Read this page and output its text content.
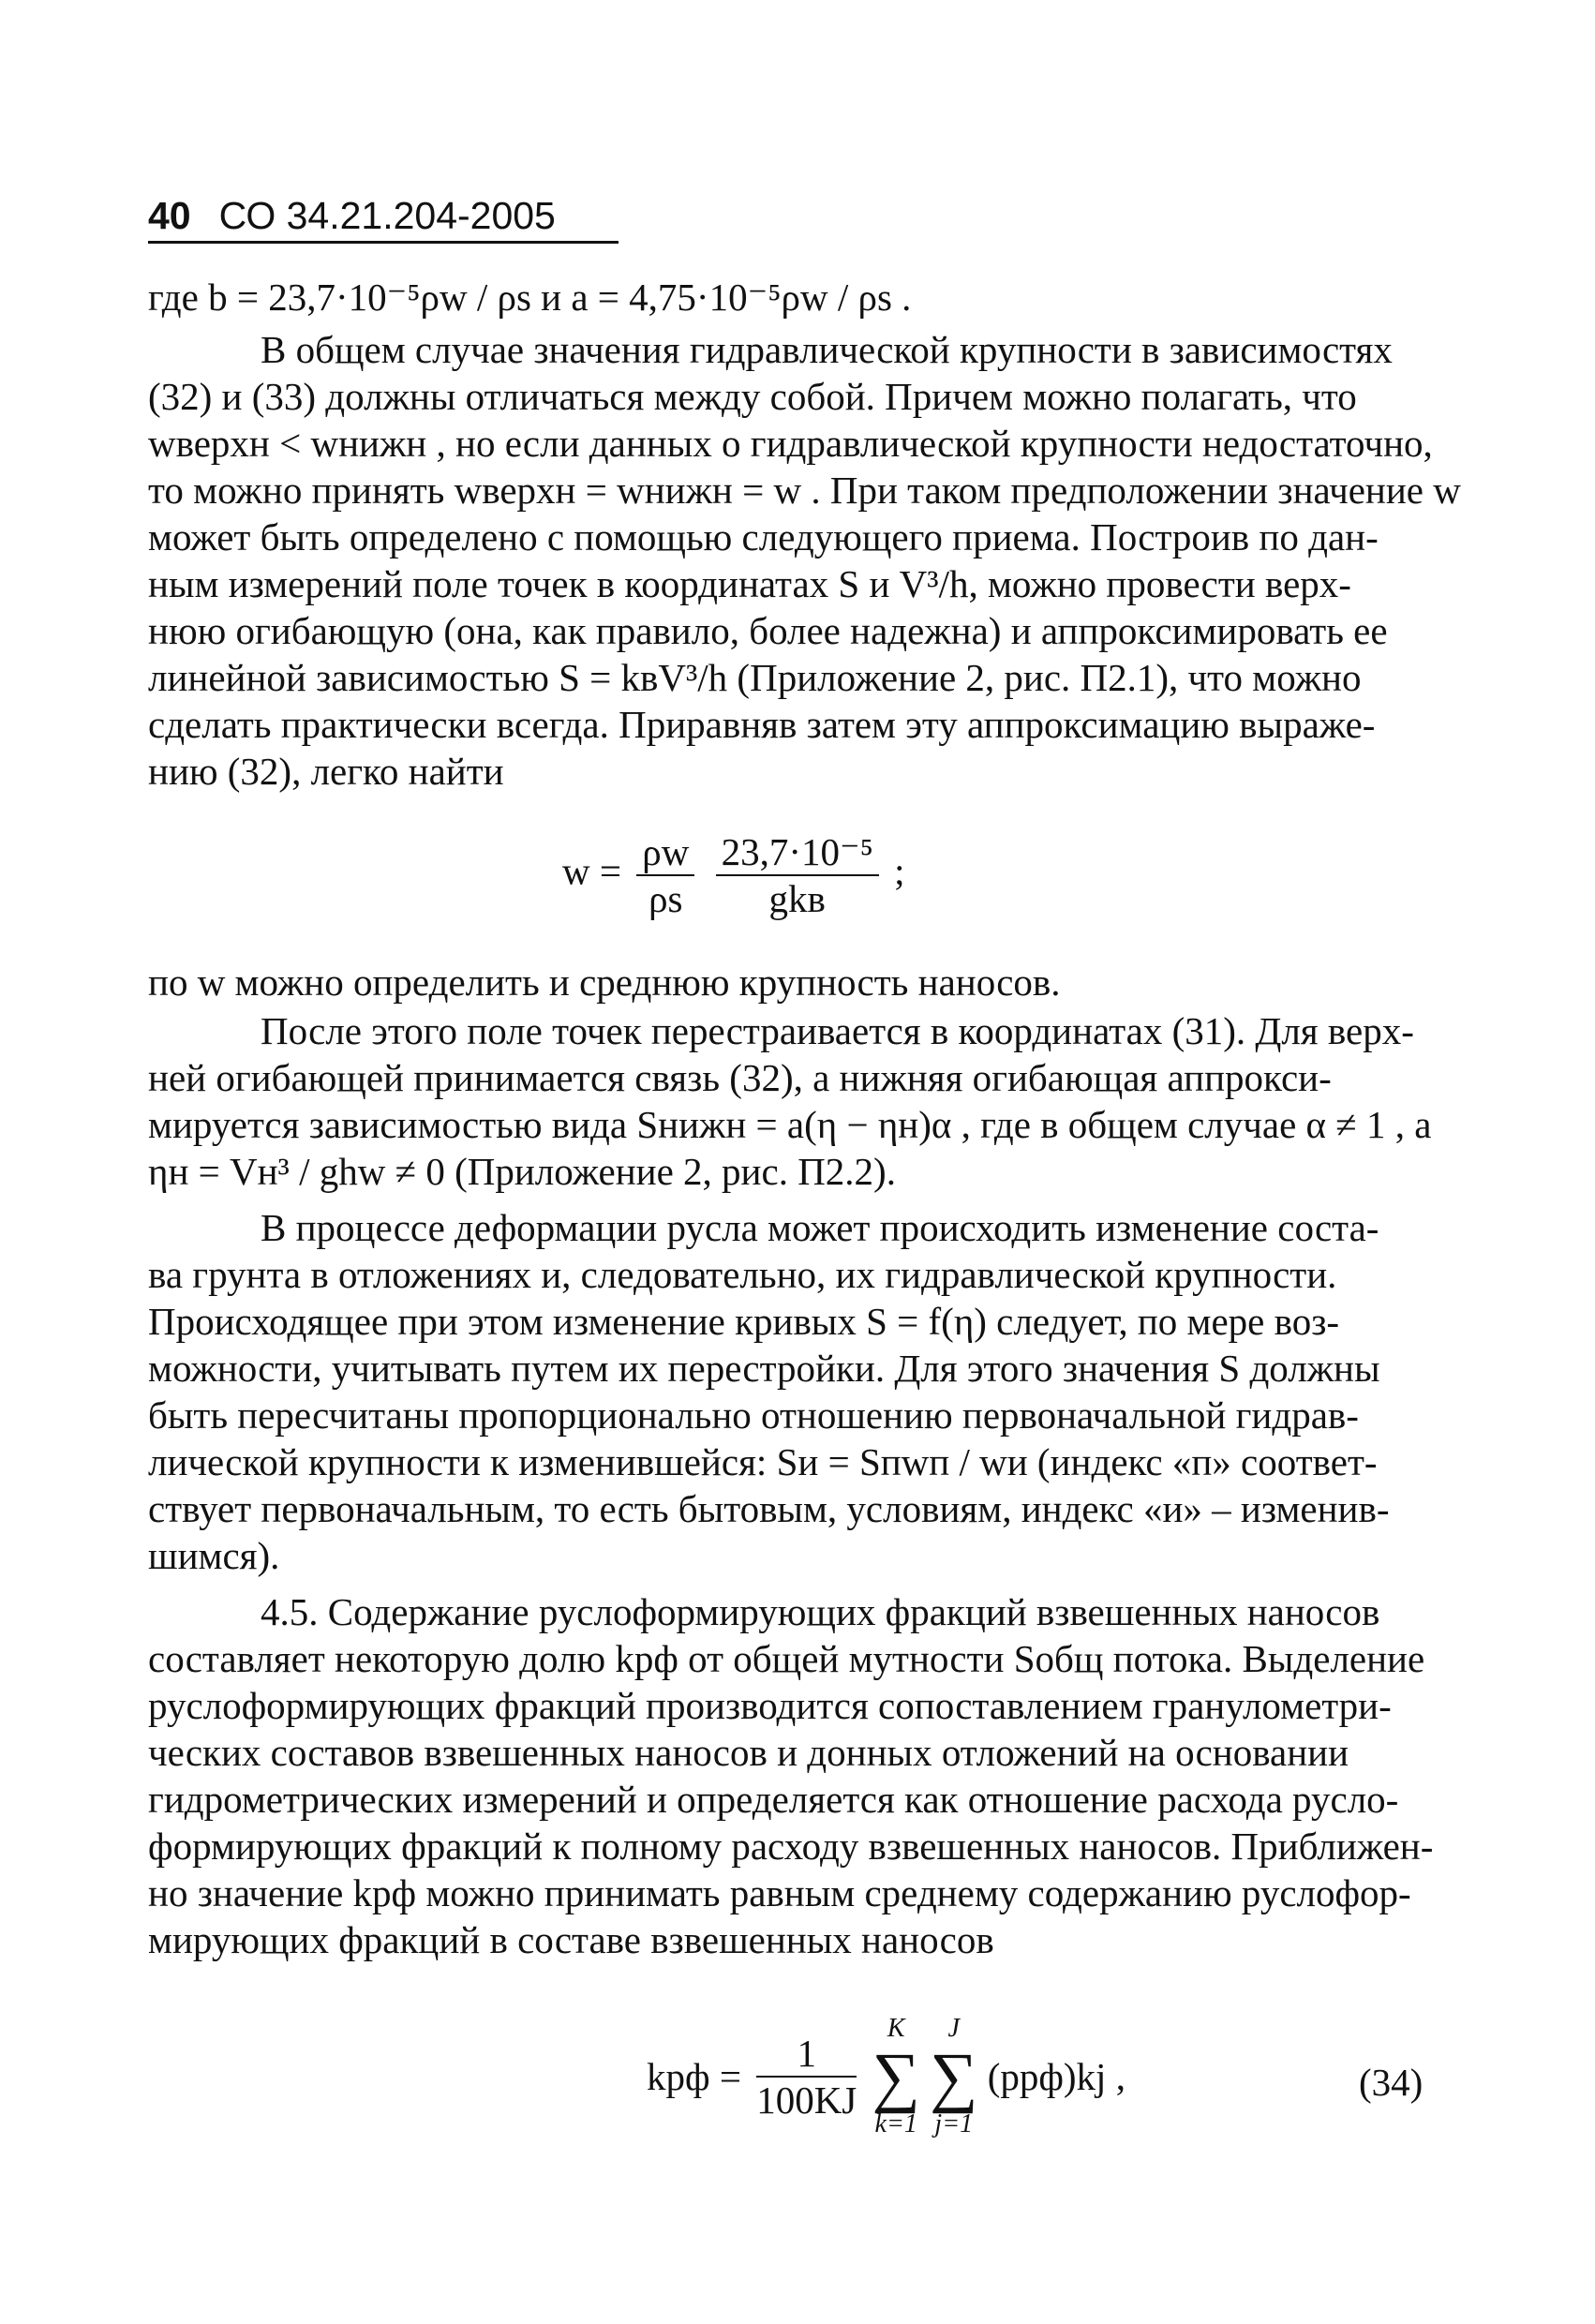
40 СО 34.21.204-2005
где b = 23,7·10⁻⁵ρw / ρs и a = 4,75·10⁻⁵ρw / ρs .
В общем случае значения гидравлической крупности в зависимостях
(32) и (33) должны отличаться между собой. Причем можно полагать, что
wверхн < wнижн , но если данных о гидравлической крупности недостаточно,
то можно принять wверхн = wнижн = w . При таком предположении значение w
может быть определено с помощью следующего приема. Построив по дан-
ным измерений поле точек в координатах S и V³/h, можно провести верх-
нюю огибающую (она, как правило, более надежна) и аппроксимировать ее
линейной зависимостью S = kвV³/h (Приложение 2, рис. П2.1), что можно
сделать практически всегда. Приравняв затем эту аппроксимацию выраже-
нию (32), легко найти
$w = \frac{\rho w}{\rho s}$
$\frac{\text{23,7·10⁻⁵}}{\text{gkв}}$ ;
по w можно определить и среднюю крупность наносов.
После этого поле точек перестраивается в координатах (31). Для верх-
ней огибающей принимается связь (32), а нижняя огибающая аппрокси-
мируется зависимостью вида Sнижн = a(η − ηн)α , где в общем случае α ≠ 1 , а
ηн = Vн³ / ghw ≠ 0 (Приложение 2, рис. П2.2).
В процессе деформации русла может происходить изменение соста-
ва грунта в отложениях и, следовательно, их гидравлической крупности.
Происходящее при этом изменение кривых S = f(η) следует, по мере воз-
можности, учитывать путем их перестройки. Для этого значения S должны
быть пересчитаны пропорционально отношению первоначальной гидрав-
лической крупности к изменившейся: Sи = Sпwп / wи (индекс «п» соответ-
ствует первоначальным, то есть бытовым, условиям, индекс «и» – изменив-
шимся).
4.5. Содержание руслоформирующих фракций взвешенных наносов
составляет некоторую долю kрф от общей мутности Sобщ потока. Выделение
руслоформирующих фракций производится сопоставлением гранулометри-
ческих составов взвешенных наносов и донных отложений на основании
гидрометрических измерений и определяется как отношение расхода русло-
формирующих фракций к полному расходу взвешенных наносов. Приближен-
но значение kрф можно принимать равным среднему содержанию руслофор-
мирующих фракций в составе взвешенных наносов
kрф = $\frac{1}{100KJ}$

K
∑
k=1

J
∑
j=1
(pрф)kj ,	(34)
